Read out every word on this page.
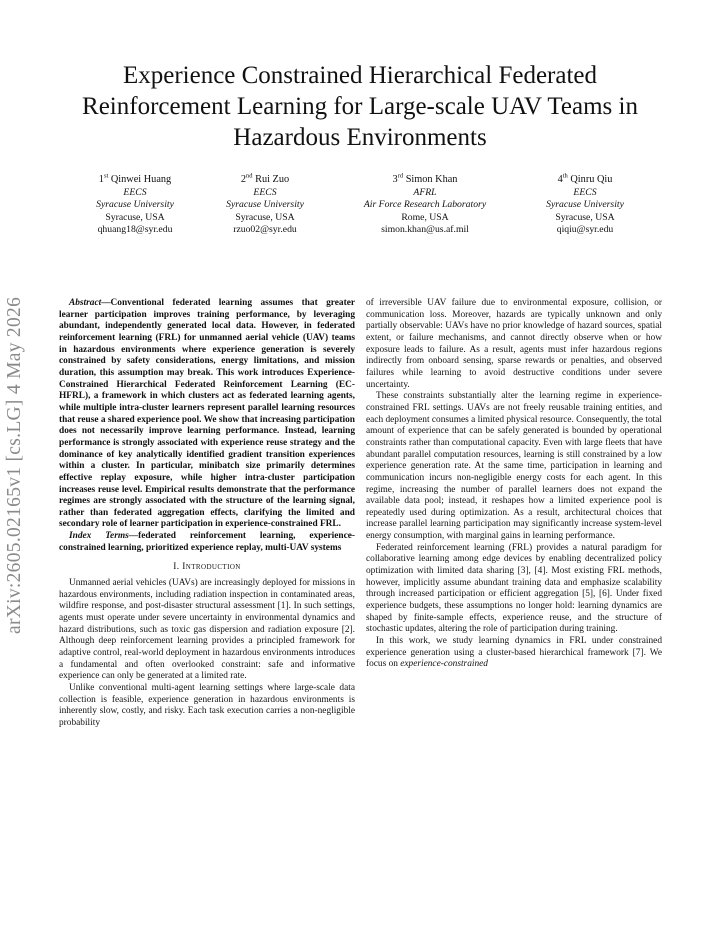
arXiv:2605.02165v1 [cs.LG] 4 May 2026
Experience Constrained Hierarchical Federated Reinforcement Learning for Large-scale UAV Teams in Hazardous Environments
1st Qinwei Huang
EECS
Syracuse University
Syracuse, USA
qhuang18@syr.edu
2nd Rui Zuo
EECS
Syracuse University
Syracuse, USA
rzuo02@syr.edu
3rd Simon Khan
AFRL
Air Force Research Laboratory
Rome, USA
simon.khan@us.af.mil
4th Qinru Qiu
EECS
Syracuse University
Syracuse, USA
qiqiu@syr.edu

Abstract—Conventional federated learning assumes that greater learner participation improves training performance, by leveraging abundant, independently generated local data. However, in federated reinforcement learning (FRL) for unmanned aerial vehicle (UAV) teams in hazardous environments where experience generation is severely constrained by safety considerations, energy limitations, and mission duration, this assumption may break. This work introduces Experience-Constrained Hierarchical Federated Reinforcement Learning (EC-HFRL), a framework in which clusters act as federated learning agents, while multiple intra-cluster learners represent parallel learning resources that reuse a shared experience pool. We show that increasing participation does not necessarily improve learning performance. Instead, learning performance is strongly associated with experience reuse strategy and the dominance of key analytically identified gradient transition experiences within a cluster. In particular, minibatch size primarily determines effective replay exposure, while higher intra-cluster participation increases reuse level. Empirical results demonstrate that the performance regimes are strongly associated with the structure of the learning signal, rather than federated aggregation effects, clarifying the limited and secondary role of learner participation in experience-constrained FRL.

Index Terms—federated reinforcement learning, experience-constrained learning, prioritized experience replay, multi-UAV systems

I. Introduction

Unmanned aerial vehicles (UAVs) are increasingly deployed for missions in hazardous environments, including radiation inspection in contaminated areas, wildfire response, and post-disaster structural assessment [1]. In such settings, agents must operate under severe uncertainty in environmental dynamics and hazard distributions, such as toxic gas dispersion and radiation exposure [2]. Although deep reinforcement learning provides a principled framework for adaptive control, real-world deployment in hazardous environments introduces a fundamental and often overlooked constraint: safe and informative experience can only be generated at a limited rate.

Unlike conventional multi-agent learning settings where large-scale data collection is feasible, experience generation in hazardous environments is inherently slow, costly, and risky. Each task execution carries a non-negligible probability

of irreversible UAV failure due to environmental exposure, collision, or communication loss. Moreover, hazards are typically unknown and only partially observable: UAVs have no prior knowledge of hazard sources, spatial extent, or failure mechanisms, and cannot directly observe when or how exposure leads to failure. As a result, agents must infer hazardous regions indirectly from onboard sensing, sparse rewards or penalties, and observed failures while learning to avoid destructive conditions under severe uncertainty.

These constraints substantially alter the learning regime in experience-constrained FRL settings. UAVs are not freely reusable training entities, and each deployment consumes a limited physical resource. Consequently, the total amount of experience that can be safely generated is bounded by operational constraints rather than computational capacity. Even with large fleets that have abundant parallel computation resources, learning is still constrained by a low experience generation rate. At the same time, participation in learning and communication incurs non-negligible energy costs for each agent. In this regime, increasing the number of parallel learners does not expand the available data pool; instead, it reshapes how a limited experience pool is repeatedly used during optimization. As a result, architectural choices that increase parallel learning participation may significantly increase system-level energy consumption, with marginal gains in learning performance.

Federated reinforcement learning (FRL) provides a natural paradigm for collaborative learning among edge devices by enabling decentralized policy optimization with limited data sharing [3], [4]. Most existing FRL methods, however, implicitly assume abundant training data and emphasize scalability through increased participation or efficient aggregation [5], [6]. Under fixed experience budgets, these assumptions no longer hold: learning dynamics are shaped by finite-sample effects, experience reuse, and the structure of stochastic updates, altering the role of participation during training.

In this work, we study learning dynamics in FRL under constrained experience generation using a cluster-based hierarchical framework [7]. We focus on experience-constrained
